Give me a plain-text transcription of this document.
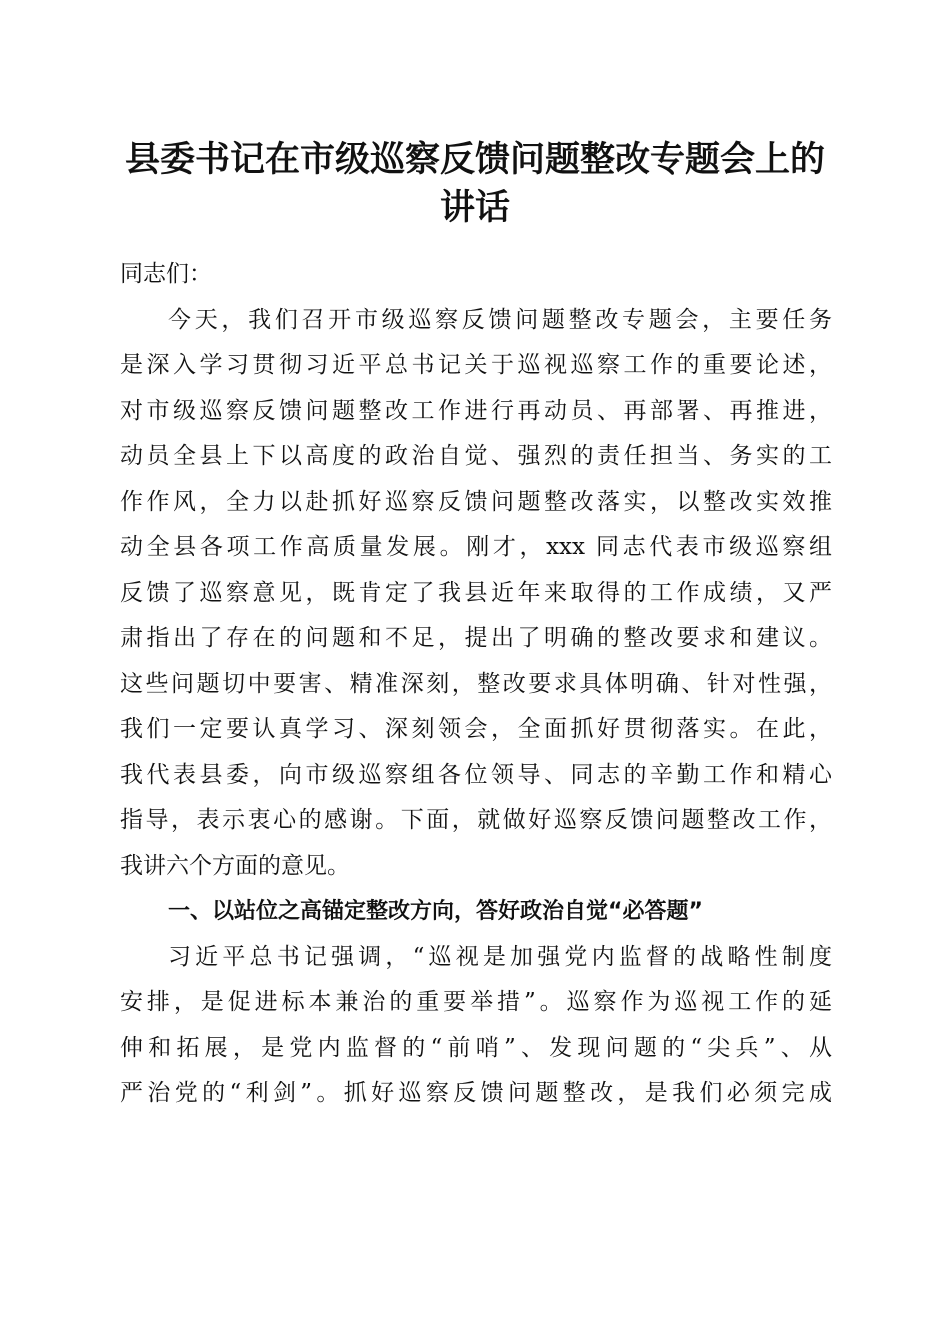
县委书记在市级巡察反馈问题整改专题会上的
讲话

同志们：

今天，我们召开市级巡察反馈问题整改专题会，主要任务
是深入学习贯彻习近平总书记关于巡视巡察工作的重要论述，
对市级巡察反馈问题整改工作进行再动员、再部署、再推进，
动员全县上下以高度的政治自觉、强烈的责任担当、务实的工
作作风，全力以赴抓好巡察反馈问题整改落实，以整改实效推
动全县各项工作高质量发展。刚才，xxx 同志代表市级巡察组
反馈了巡察意见，既肯定了我县近年来取得的工作成绩，又严
肃指出了存在的问题和不足，提出了明确的整改要求和建议。
这些问题切中要害、精准深刻，整改要求具体明确、针对性强，
我们一定要认真学习、深刻领会，全面抓好贯彻落实。在此，
我代表县委，向市级巡察组各位领导、同志的辛勤工作和精心
指导，表示衷心的感谢。下面，就做好巡察反馈问题整改工作，
我讲六个方面的意见。
一、以站位之高锚定整改方向，答好政治自觉“必答题”
习近平总书记强调，“巡视是加强党内监督的战略性制度
安排，是促进标本兼治的重要举措”。巡察作为巡视工作的延
伸和拓展，是党内监督的“前哨”、发现问题的“尖兵”、从
严治党的“利剑”。抓好巡察反馈问题整改，是我们必须完成
